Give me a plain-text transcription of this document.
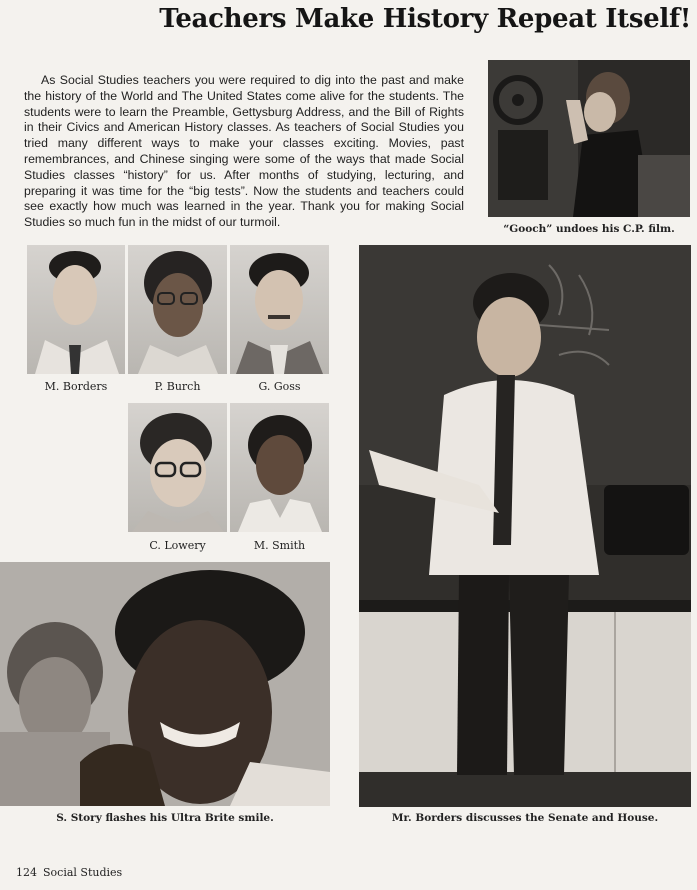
Teachers Make History Repeat Itself!

As Social Studies teachers you were required to dig into the past and make the history of the World and The United States come alive for the students. The students were to learn the Preamble, Gettysburg Address, and the Bill of Rights in their Civics and American History classes. As teachers of Social Studies you tried many different ways to make your classes exciting. Movies, past remembrances, and Chinese singing were some of the ways that made Social Studies classes “history” for us. After months of studying, lecturing, and preparing it was time for the “big tests”. Now the students and teachers could see exactly how much was learned in the year. Thank you for making Social Studies so much fun in the midst of our turmoil.	“Gooch” undoes his C.P. film.
M. Borders	P. Burch	G. Goss
C. Lowery	M. Smith
S. Story flashes his Ultra Brite smile.	Mr. Borders discusses the Senate and House.
124 Social Studies
